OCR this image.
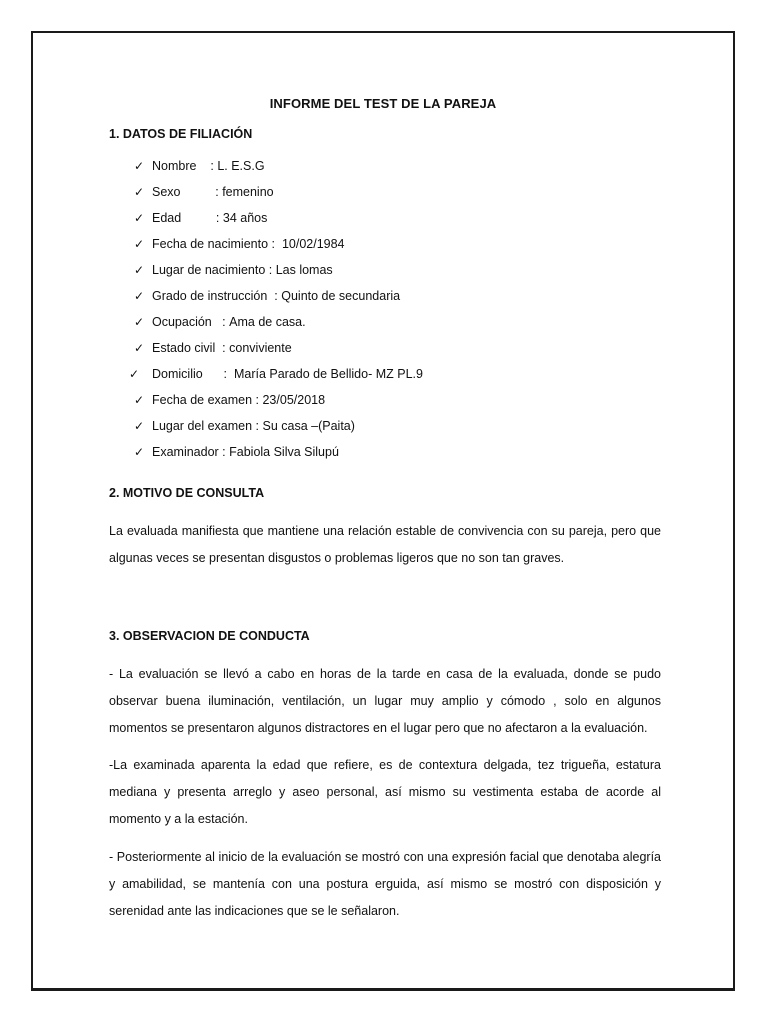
INFORME DEL TEST DE LA PAREJA
1. DATOS DE FILIACIÓN
✓ Nombre : L. E.S.G
✓ Sexo : femenino
✓ Edad : 34 años
✓ Fecha de nacimiento : 10/02/1984
✓ Lugar de nacimiento : Las lomas
✓ Grado de instrucción : Quinto de secundaria
✓ Ocupación : Ama de casa.
✓ Estado civil : conviviente
✓	Domicilio : María Parado de Bellido- MZ PL.9
✓ Fecha de examen : 23/05/2018
✓ Lugar del examen : Su casa –(Paita)
✓ Examinador : Fabiola Silva Silupú
2. MOTIVO DE CONSULTA

La evaluada manifiesta que mantiene una relación estable de convivencia con su pareja, pero que algunas veces se presentan disgustos o problemas ligeros que no son tan graves.

3. OBSERVACION DE CONDUCTA

- La evaluación se llevó a cabo en horas de la tarde en casa de la evaluada, donde se pudo observar buena iluminación, ventilación, un lugar muy amplio y cómodo , solo en algunos momentos se presentaron algunos distractores en el lugar pero que no afectaron a la evaluación.

-La examinada aparenta la edad que refiere, es de contextura delgada, tez trigueña, estatura mediana y presenta arreglo y aseo personal, así mismo su vestimenta estaba de acorde al momento y a la estación.

- Posteriormente al inicio de la evaluación se mostró con una expresión facial que denotaba alegría y amabilidad, se mantenía con una postura erguida, así mismo se mostró con disposición y serenidad ante las indicaciones que se le señalaron.
